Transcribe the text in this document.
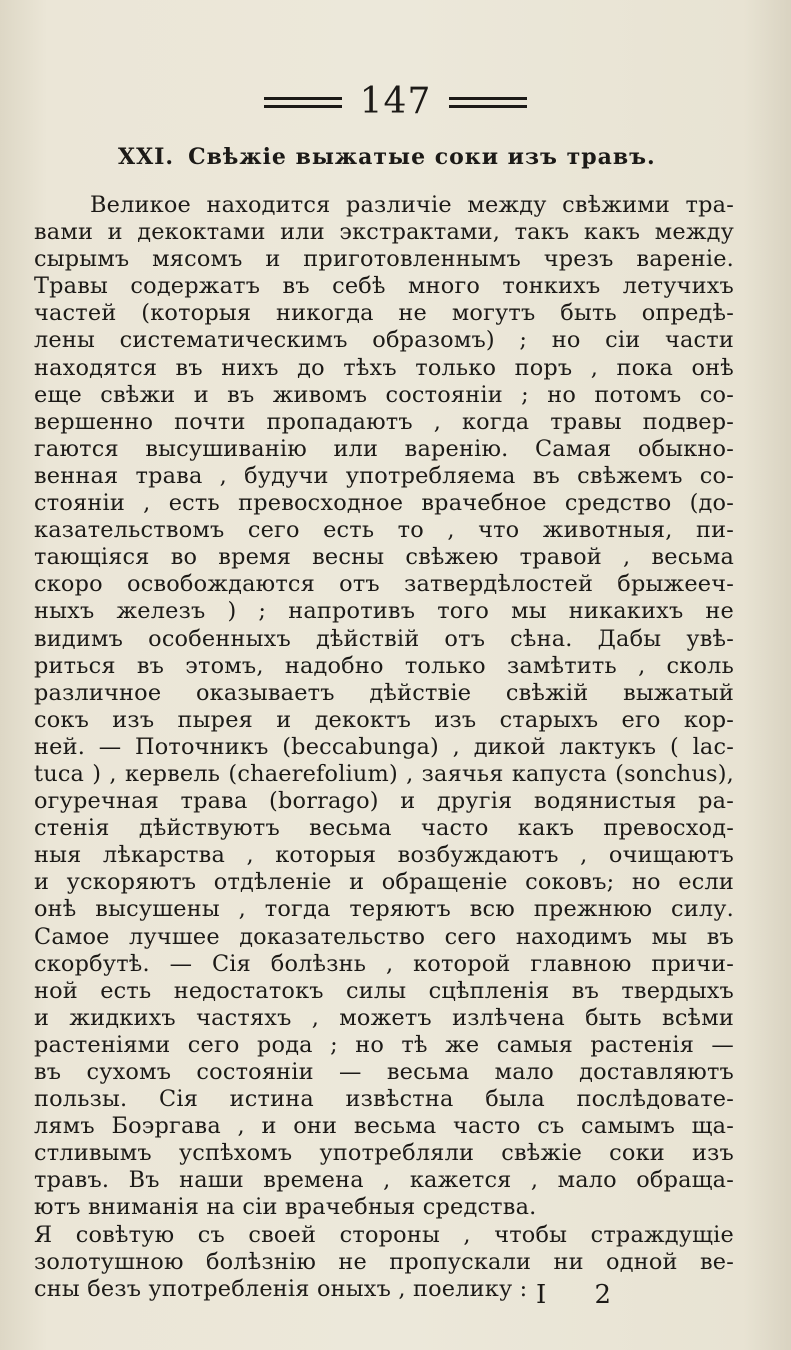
147
XXI. Свѣжіе выжатые соки изъ травъ.
Великое находится различіе между свѣжими тра-
вами и декоктами или экстрактами, такъ какъ между
сырымъ мясомъ и приготовленнымъ чрезъ вареніе.
Травы содержатъ въ себѣ много тонкихъ летучихъ
частей (которыя никогда не могутъ быть опредѣ-
лены систематическимъ образомъ) ; но сіи части
находятся въ нихъ до тѣхъ только поръ , пока онѣ
еще свѣжи и въ живомъ состояніи ; но потомъ со-
вершенно почти пропадаютъ , когда травы подвер-
гаются высушиванію или варенію. Самая обыкно-
венная трава , будучи употребляема въ свѣжемъ со-
стояніи , есть превосходное врачебное средство (до-
казательствомъ сего есть то , что животныя, пи-
тающіяся во время весны свѣжею травой , весьма
скоро освобождаются отъ затвердѣлостей брыжееч-
ныхъ железъ ) ; напротивъ того мы никакихъ не
видимъ особенныхъ дѣйствій отъ сѣна. Дабы увѣ-
риться въ этомъ, надобно только замѣтить , сколь
различное оказываетъ дѣйствіе свѣжій выжатый
сокъ изъ пырея и декоктъ изъ старыхъ его кор-
ней. — Поточникъ (beccabunga) , дикой лактукъ ( lac-
tuca ) , кервель (chaerefolium) , заячья капуста (sonchus),
огуречная трава (borrago) и другія водянистыя ра-
стенія дѣйствуютъ весьма часто какъ превосход-
ныя лѣкарства , которыя возбуждаютъ , очищаютъ
и ускоряютъ отдѣленіе и обращеніе соковъ; но если
онѣ высушены , тогда теряютъ всю прежнюю силу.
Самое лучшее доказательство сего находимъ мы въ
скорбутѣ. — Сія болѣзнь , которой главною причи-
ной есть недостатокъ силы сцѣпленія въ твердыхъ
и жидкихъ частяхъ , можетъ излѣчена быть всѣми
растеніями сего рода ; но тѣ же самыя растенія —
въ сухомъ состояніи — весьма мало доставляютъ
пользы. Сія истина извѣстна была послѣдовате-
лямъ Боэргава , и они весьма часто съ самымъ ща-
стливымъ успѣхомъ употребляли свѣжіе соки изъ
травъ. Въ наши времена , кажется , мало обраща-
ютъ вниманія на сіи врачебныя средства.
Я совѣтую съ своей стороны , чтобы страждущіе
золотушною болѣзнію не пропускали ни одной ве-
сны безъ употребленія оныхъ , поелику : I 2
